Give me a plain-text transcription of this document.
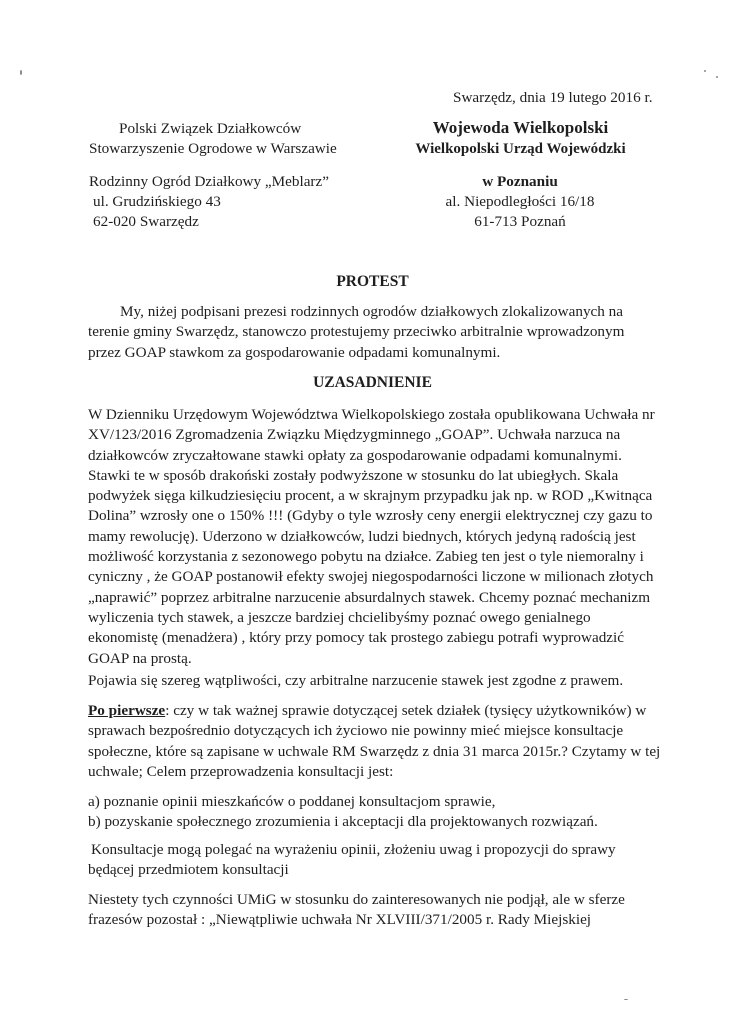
Swarzędz, dnia 19 lutego 2016 r.
Polski Związek Działkowców
Stowarzyszenie Ogrodowe w Warszawie
Rodzinny Ogród Działkowy „Meblarz”
ul. Grudzińskiego 43
62-020 Swarzędz
Wojewoda Wielkopolski
Wielkopolski Urząd Wojewódzki
w Poznaniu
al. Niepodległości 16/18
61-713 Poznań
PROTEST
My, niżej podpisani prezesi rodzinnych ogrodów działkowych zlokalizowanych na
terenie gminy Swarzędz, stanowczo protestujemy przeciwko arbitralnie wprowadzonym
przez GOAP stawkom za gospodarowanie odpadami komunalnymi.
UZASADNIENIE
W Dzienniku Urzędowym Województwa Wielkopolskiego została opublikowana Uchwała nr
XV/123/2016 Zgromadzenia Związku Międzygminnego „GOAP”. Uchwała narzuca na
działkowców zryczałtowane stawki opłaty za gospodarowanie odpadami komunalnymi.
Stawki te w sposób drakoński zostały podwyższone w stosunku do lat ubiegłych. Skala
podwyżek sięga kilkudziesięciu procent, a w skrajnym przypadku jak np. w ROD „Kwitnąca
Dolina” wzrosły one o 150% !!! (Gdyby o tyle wzrosły ceny energii elektrycznej czy gazu to
mamy rewolucję). Uderzono w działkowców, ludzi biednych, których jedyną radością jest
możliwość korzystania z sezonowego pobytu na działce. Zabieg ten jest o tyle niemoralny i
cyniczny , że GOAP postanowił efekty swojej niegospodarności liczone w milionach złotych
„naprawić” poprzez arbitralne narzucenie absurdalnych stawek. Chcemy poznać mechanizm
wyliczenia tych stawek, a jeszcze bardziej chcielibyśmy poznać owego genialnego
ekonomistę (menadżera) , który przy pomocy tak prostego zabiegu potrafi wyprowadzić
GOAP na prostą.
Pojawia się szereg wątpliwości, czy arbitralne narzucenie stawek jest zgodne z prawem.
Po pierwsze: czy w tak ważnej sprawie dotyczącej setek działek (tysięcy użytkowników) w
sprawach bezpośrednio dotyczących ich życiowo nie powinny mieć miejsce konsultacje
społeczne, które są zapisane w uchwale RM Swarzędz z dnia 31 marca 2015r.? Czytamy w tej
uchwale; Celem przeprowadzenia konsultacji jest:
a) poznanie opinii mieszkańców o poddanej konsultacjom sprawie,
b) pozyskanie społecznego zrozumienia i akceptacji dla projektowanych rozwiązań.
Konsultacje mogą polegać na wyrażeniu opinii, złożeniu uwag i propozycji do sprawy
będącej przedmiotem konsultacji
Niestety tych czynności UMiG w stosunku do zainteresowanych nie podjął, ale w sferze
frazesów pozostał : „Niewątpliwie uchwała Nr XLVIII/371/2005 r. Rady Miejskiej
